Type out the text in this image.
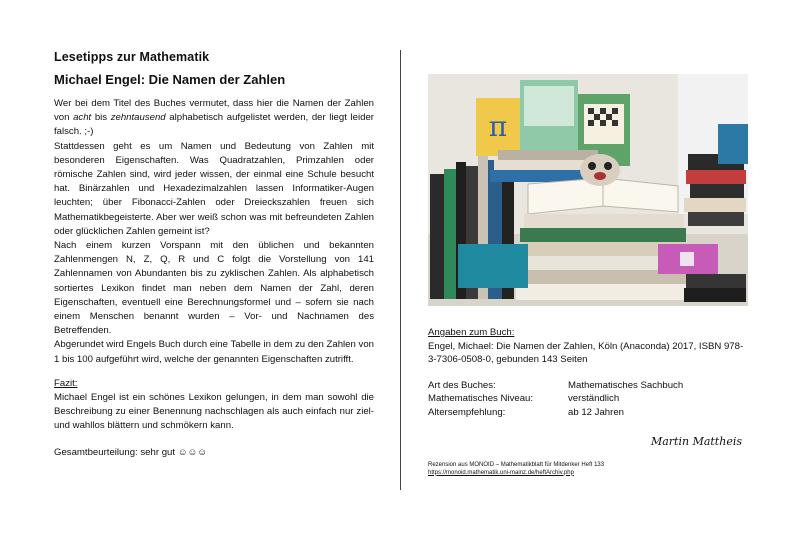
Lesetipps zur Mathematik
Michael Engel: Die Namen der Zahlen

Wer bei dem Titel des Buches vermutet, dass hier die Namen der Zahlen von acht bis zehntausend alphabetisch aufgelistet werden, der liegt leider falsch. ;-)

Stattdessen geht es um Namen und Bedeutung von Zahlen mit besonderen Eigenschaften. Was Quadratzahlen, Primzahlen oder römische Zahlen sind, wird jeder wissen, der einmal eine Schule besucht hat. Binärzahlen und Hexadezimalzahlen lassen Informatiker-Augen leuchten; über Fibonacci-Zahlen oder Dreieckszahlen freuen sich Mathematikbegeisterte. Aber wer weiß schon was mit befreundeten Zahlen oder glücklichen Zahlen gemeint ist?

Nach einem kurzen Vorspann mit den üblichen und bekannten Zahlenmengen N, Z, Q, R und C folgt die Vorstellung von 141 Zahlennamen von Abundanten bis zu zyklischen Zahlen. Als alphabetisch sortiertes Lexikon findet man neben dem Namen der Zahl, deren Eigenschaften, eventuell eine Berechnungsformel und – sofern sie nach einem Menschen benannt wurden – Vor- und Nachnamen des Betreffenden.

Abgerundet wird Engels Buch durch eine Tabelle in dem zu den Zahlen von 1 bis 100 aufgeführt wird, welche der genannten Eigenschaften zutrifft.

Fazit:

Michael Engel ist ein schönes Lexikon gelungen, in dem man sowohl die Beschreibung zu einer Benennung nachschlagen als auch einfach nur ziel- und wahllos blättern und schmökern kann.

Gesamtbeurteilung: sehr gut ☺☺☺

π
Angaben zum Buch:
Engel, Michael: Die Namen der Zahlen, Köln (Anaconda) 2017, ISBN 978-3-7306-0508-0, gebunden 143 Seiten
Art des Buches:	Mathematisches Sachbuch
Mathematisches Niveau:	verständlich
Altersempfehlung:	ab 12 Jahren
Martin Mattheis
Rezension aus MONOID – Mathematikblatt für Mitdenker Heft 133
https://monoid.mathematik.uni-mainz.de/heftArchiv.php
